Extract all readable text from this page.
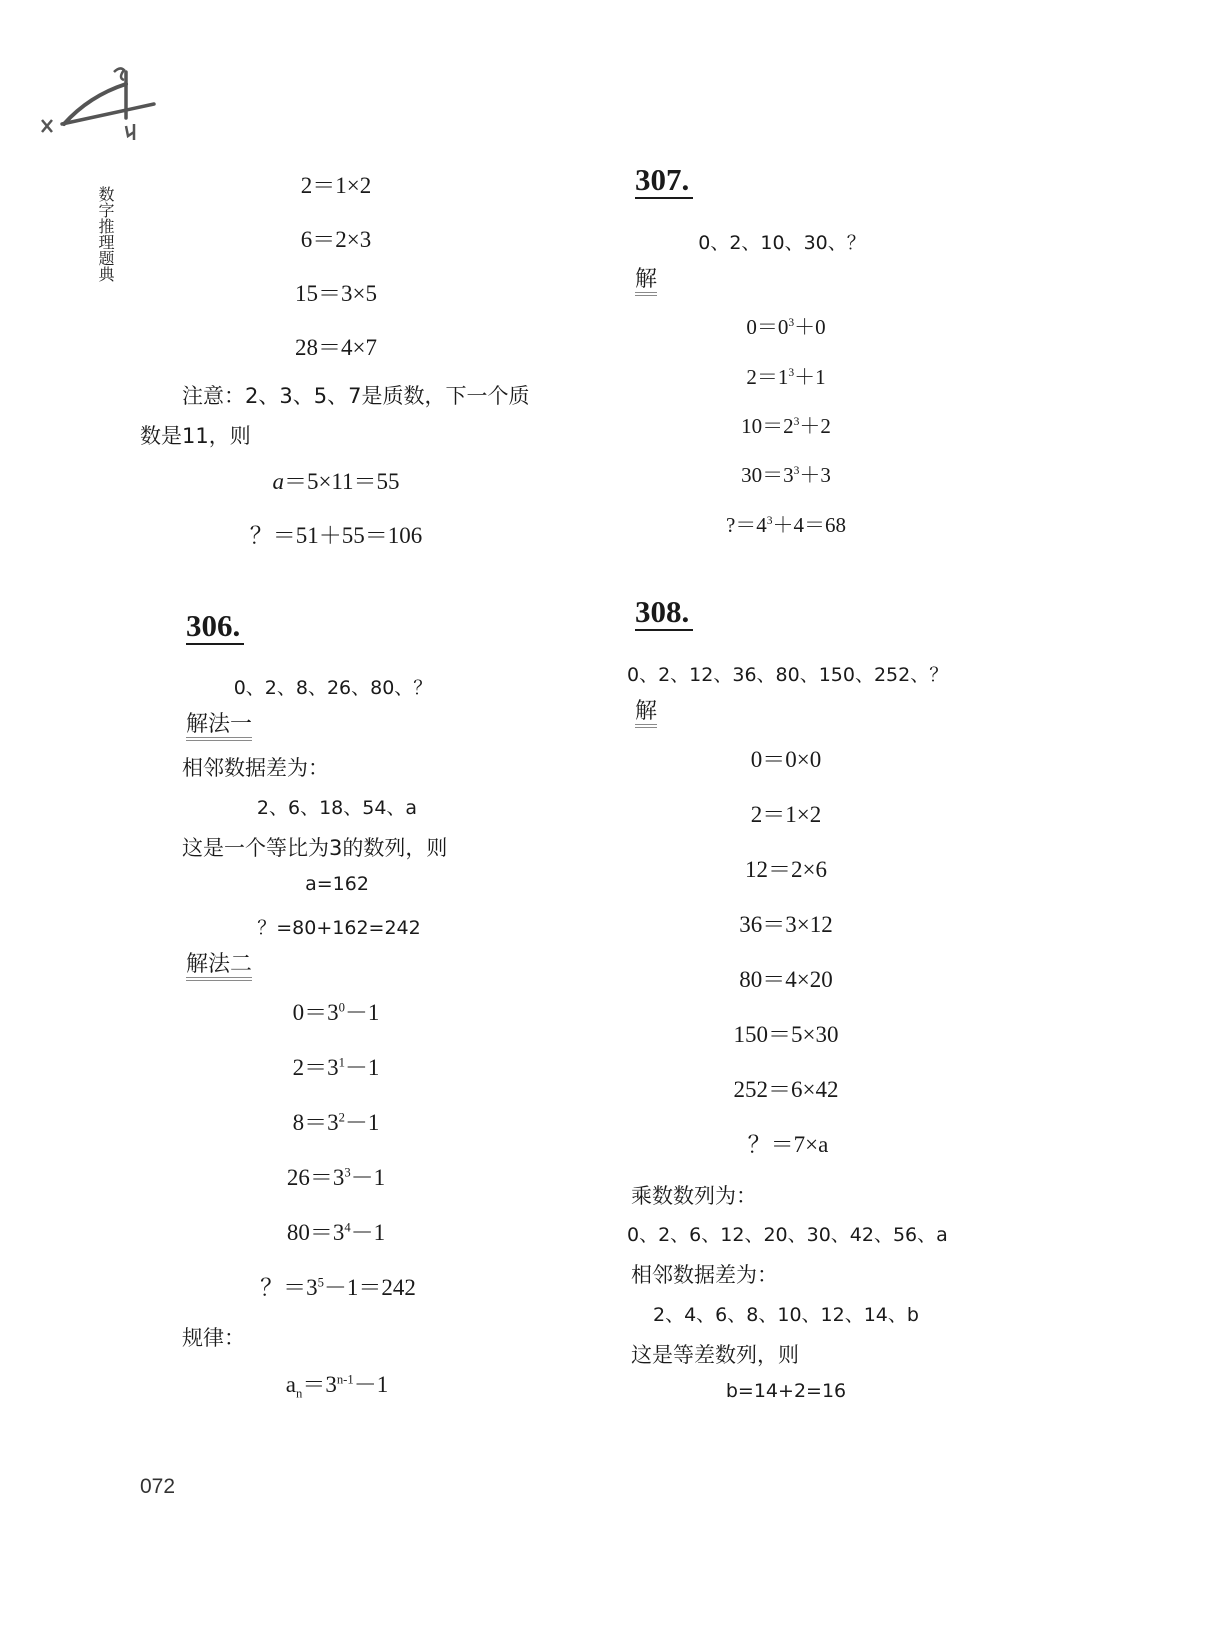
数字推理题典
2＝1×2
6＝2×3
15＝3×5
28＝4×7
注意：2、3、5、7是质数，下一个质
数是11，则
a＝5×11＝55
？＝51＋55＝106
306.
0、2、8、26、80、？
解法一
相邻数据差为：
2、6、18、54、a
这是一个等比为3的数列，则
a=162
？=80+162=242
解法二
$0=3^0-1$
$2=3^1-1$
$8=3^2-1$
$26=3^3-1$
$80=3^4-1$
？$=3^5-1=242$
规律：
$a_n=3^{n-1}-1$
307.
0、2、10、30、？
解
$0=0^3+0$
$2=1^3+1$
$10=2^3+2$
$30=3^3+3$
$?=4^3+4=68$
308.
0、2、12、36、80、150、252、？
解
0＝0×0
2＝1×2
12＝2×6
36＝3×12
80＝4×20
150＝5×30
252＝6×42
？＝7×a
乘数数列为：
0、2、6、12、20、30、42、56、a
相邻数据差为：
2、4、6、8、10、12、14、b
这是等差数列，则
b=14+2=16
072
